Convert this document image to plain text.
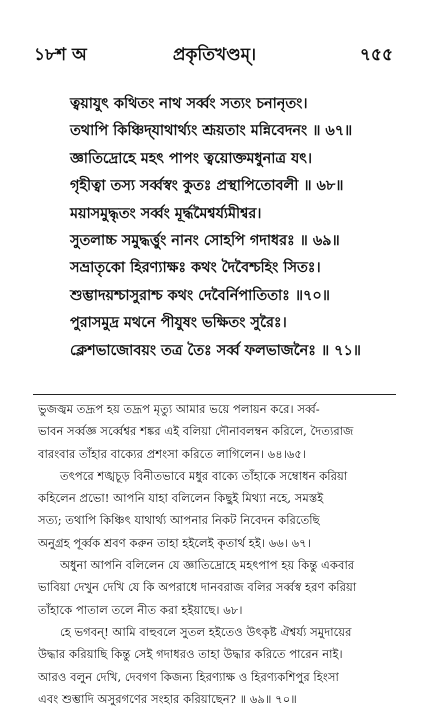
১৮শ অ	প্রকৃতিখণ্ডম্।	৭৫৫
ত্বয়াযুৎ কথিতং নাথ সর্ব্বং সত্যং চনানৃতং।
তথাপি কিঞ্চিদ্‌যাথার্থ্যং শ্রূয়তাং মন্নিবেদনং ॥ ৬৭॥
জ্ঞাতিদ্রোহে মহৎ পাপং ত্বয়োক্তমধুনাত্র যৎ।
গৃহীত্বা তস্য সর্ব্বস্বং কুতঃ প্রস্থাপিতোবলী ॥ ৬৮॥
ময়াসমুদ্ধৃতং সর্ব্বং মূর্দ্ধমৈশ্বর্য্যমীশ্বর।
সুতলাচ্চ সমুদ্ধর্ত্তুং নানং সোহপি গদাধরঃ ॥ ৬৯॥
সভ্রাতৃকো হিরণ্যাক্ষঃ কথং দৈবৈশ্চহিং সিতঃ।
শুম্ভাদয়শ্চাসুরাশ্চ কথং দেবৈর্নিপাতিতাঃ ॥৭০॥
পুরাসমুদ্র মথনে পীযুষং ভক্ষিতং সুরৈঃ।
ক্লেশভাজোবয়ং তত্র তৈঃ সর্ব্ব ফলভাজনৈঃ ॥ ৭১॥
ভুজজ্বম তদ্রূপ হয় তদ্রূপ মৃত্যু আমার ভয়ে পলায়ন করে। সর্ব্ব-
ভাবন সর্ব্বজ্ঞ সর্ব্বেশ্বর শঙ্কর এই বলিয়া দৌনাবলম্বন করিলে, দৈত্যরাজ
বারংবার তাঁহার বাক্যের প্রশংসা করিতে লাগিলেন। ৬৪।৬৫।
তৎপরে শঙ্খচূড় বিনীতভাবে মধুর বাক্যে তাঁহাকে সম্বোধন করিয়া
কহিলেন প্রভো! আপনি যাহা বলিলেন কিছুই মিথ্যা নহে, সমস্তই
সত্য; তথাপি কিঞ্চিৎ যাথার্থ্য আপনার নিকট নিবেদন করিতেছি
অনুগ্রহ পূর্ব্বক শ্রবণ করুন তাহা হইলেই কৃতার্থ হই। ৬৬। ৬৭।
অধুনা আপনি বলিলেন যে জ্ঞাতিদ্রোহে মহৎপাপ হয় কিন্তু একবার
ভাবিয়া দেখুন দেখি যে কি অপরাধে দানবরাজ বলির সর্ব্বস্ব হরণ করিয়া
তাঁহাকে পাতাল তলে নীত করা হইয়াছে। ৬৮।
হে ভগবন্! আমি বাহুবলে সুতল হইতেও উৎকৃষ্ট ঐশ্বর্য্য সমুদায়ের
উদ্ধার করিয়াছি কিন্তু সেই গদাধরও তাহা উদ্ধার করিতে পারেন নাই।
আরও বলুন দেখি, দেবগণ কিজন্য হিরণ্যাক্ষ ও হিরণ্যকশিপুর হিংসা
এবং শুম্ভাদি অসুরগণের সংহার করিয়াছেন? ॥ ৬৯॥ ৭০॥
